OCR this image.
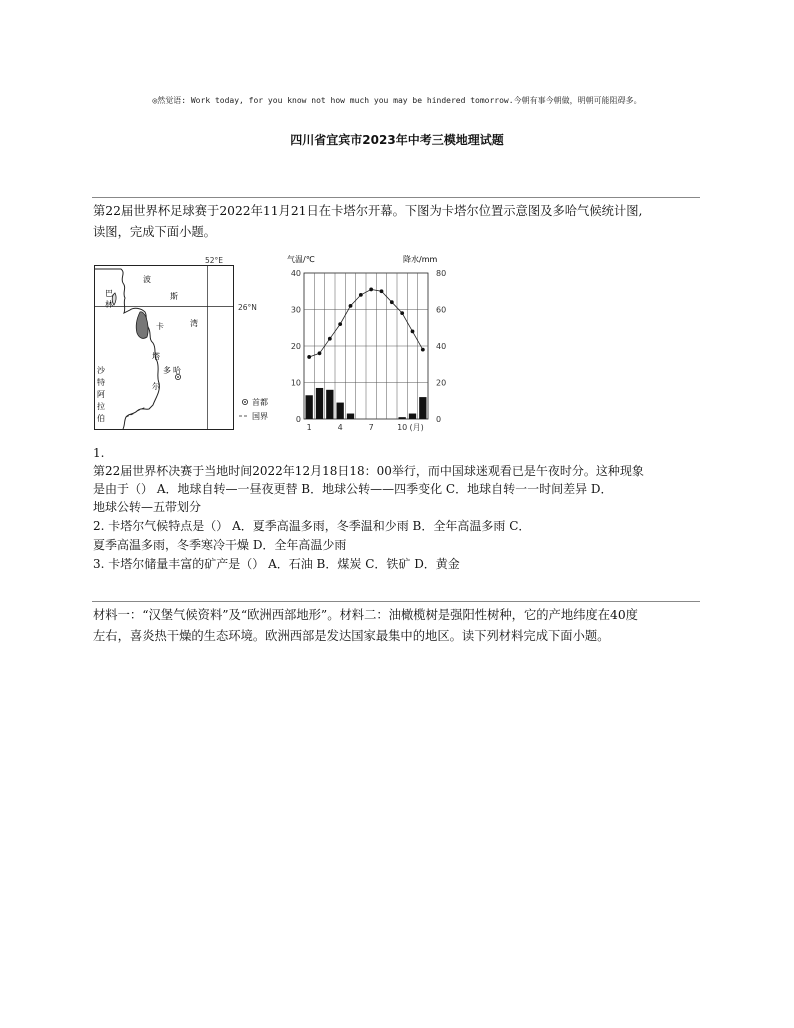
◎然觉语: Work today, for you know not how much you may be hindered tomorrow.今朝有事今朝做，明朝可能阻碍多。
四川省宜宾市2023年中考三模地理试题
第22届世界杯足球赛于2022年11月21日在卡塔尔开幕。下图为卡塔尔位置示意图及多哈气候统计图,
读图，完成下面小题。
52°E
26°N
波
斯
湾
巴
林
卡
塔
尔
多 哈
沙
特
阿
拉
伯
首都
国界
气温/℃	降水/mm
40
30
20
10
0
80
60
40
20
0
1	4	7	10 (月)
1.
第22届世界杯决赛于当地时间2022年12月18日18：00举行，而中国球迷观看已是午夜时分。这种现象
是由于（） A．地球自转—一昼夜更替 B．地球公转——四季变化 C．地球自转一一时间差异 D．
地球公转—五带划分
2. 卡塔尔气候特点是（） A．夏季高温多雨，冬季温和少雨 B．全年高温多雨 C．
夏季高温多雨，冬季寒冷干燥 D．全年高温少雨
3. 卡塔尔储量丰富的矿产是（） A．石油 B．煤炭 C．铁矿 D．黄金
材料一：“汉堡气候资料”及“欧洲西部地形”。材料二：油橄榄树是强阳性树种，它的产地纬度在40度
左右，喜炎热干燥的生态环境。欧洲西部是发达国家最集中的地区。读下列材料完成下面小题。
